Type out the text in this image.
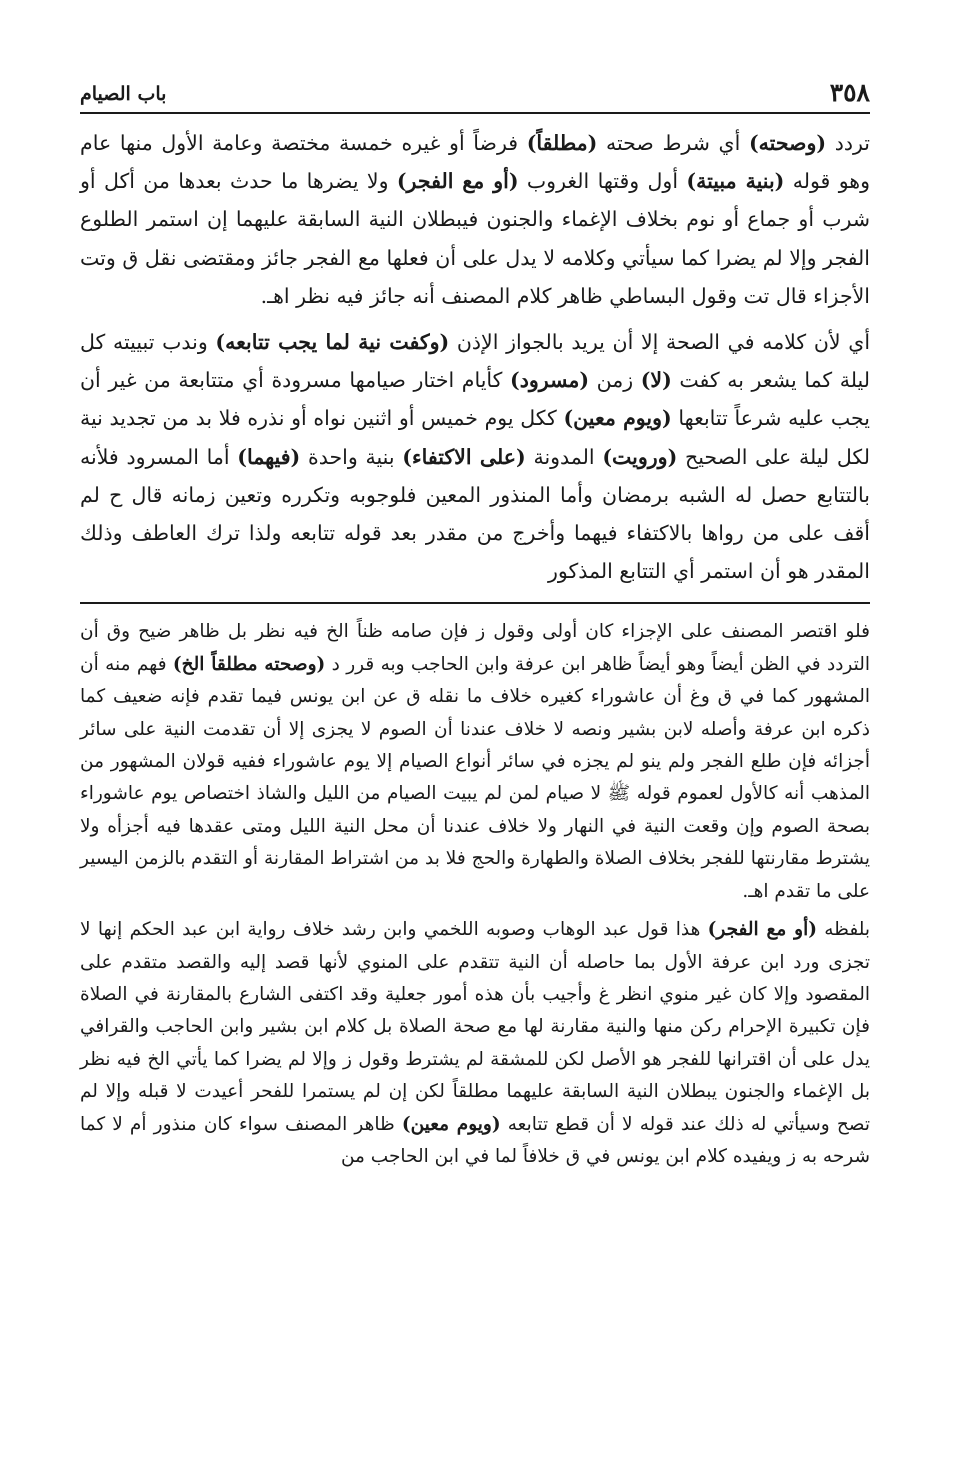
٣٥٨
باب الصيام

تردد (وصحته) أي شرط صحته (مطلقاً) فرضاً أو غيره خمسة مختصة وعامة الأول منها عام وهو قوله (بنية مبيتة) أول وقتها الغروب (أو مع الفجر) ولا يضرها ما حدث بعدها من أكل أو شرب أو جماع أو نوم بخلاف الإغماء والجنون فيبطلان النية السابقة عليهما إن استمر الطلوع الفجر وإلا لم يضرا كما سيأتي وكلامه لا يدل على أن فعلها مع الفجر جائز ومقتضى نقل ق وتت الأجزاء قال تت وقول البساطي ظاهر كلام المصنف أنه جائز فيه نظر اهـ.

أي لأن كلامه في الصحة إلا أن يريد بالجواز الإذن (وكفت نية لما يجب تتابعه) وندب تبييته كل ليلة كما يشعر به كفت (لا) زمن (مسرود) كأيام اختار صيامها مسرودة أي متتابعة من غير أن يجب عليه شرعاً تتابعها (ويوم معين) ككل يوم خميس أو اثنين نواه أو نذره فلا بد من تجديد نية لكل ليلة على الصحيح (ورويت) المدونة (على الاكتفاء) بنية واحدة (فيهما) أما المسرود فلأنه بالتتابع حصل له الشبه برمضان وأما المنذور المعين فلوجوبه وتكرره وتعين زمانه قال ح لم أقف على من رواها بالاكتفاء فيهما وأخرج من مقدر بعد قوله تتابعه ولذا ترك العاطف وذلك المقدر هو أن استمر أي التتابع المذكور

فلو اقتصر المصنف على الإجزاء كان أولى وقول ز فإن صامه ظناً الخ فيه نظر بل ظاهر ضيح وق أن التردد في الظن أيضاً وهو أيضاً ظاهر ابن عرفة وابن الحاجب وبه قرر د (وصحته مطلقاً الخ) فهم منه أن المشهور كما في ق وغ أن عاشوراء كغيره خلاف ما نقله ق عن ابن يونس فيما تقدم فإنه ضعيف كما ذكره ابن عرفة وأصله لابن بشير ونصه لا خلاف عندنا أن الصوم لا يجزى إلا أن تقدمت النية على سائر أجزائه فإن طلع الفجر ولم ينو لم يجزه في سائر أنواع الصيام إلا يوم عاشوراء ففيه قولان المشهور من المذهب أنه كالأول لعموم قوله ﷺ لا صيام لمن لم يبيت الصيام من الليل والشاذ اختصاص يوم عاشوراء بصحة الصوم وإن وقعت النية في النهار ولا خلاف عندنا أن محل النية الليل ومتى عقدها فيه أجزأه ولا يشترط مقارنتها للفجر بخلاف الصلاة والطهارة والحج فلا بد من اشتراط المقارنة أو التقدم بالزمن اليسير على ما تقدم اهـ.

بلفظه (أو مع الفجر) هذا قول عبد الوهاب وصوبه اللخمي وابن رشد خلاف رواية ابن عبد الحكم إنها لا تجزى ورد ابن عرفة الأول بما حاصله أن النية تتقدم على المنوي لأنها قصد إليه والقصد متقدم على المقصود وإلا كان غير منوي انظر غ وأجيب بأن هذه أمور جعلية وقد اكتفى الشارع بالمقارنة في الصلاة فإن تكبيرة الإحرام ركن منها والنية مقارنة لها مع صحة الصلاة بل كلام ابن بشير وابن الحاجب والقرافي يدل على أن اقترانها للفجر هو الأصل لكن للمشقة لم يشترط وقول ز وإلا لم يضرا كما يأتي الخ فيه نظر بل الإغماء والجنون يبطلان النية السابقة عليهما مطلقاً لكن إن لم يستمرا للفحر أعيدت لا قبله وإلا لم تصح وسيأتي له ذلك عند قوله لا أن قطع تتابعه (ويوم معين) ظاهر المصنف سواء كان منذور أم لا كما شرحه به ز ويفيده كلام ابن يونس في ق خلافاً لما في ابن الحاجب من
